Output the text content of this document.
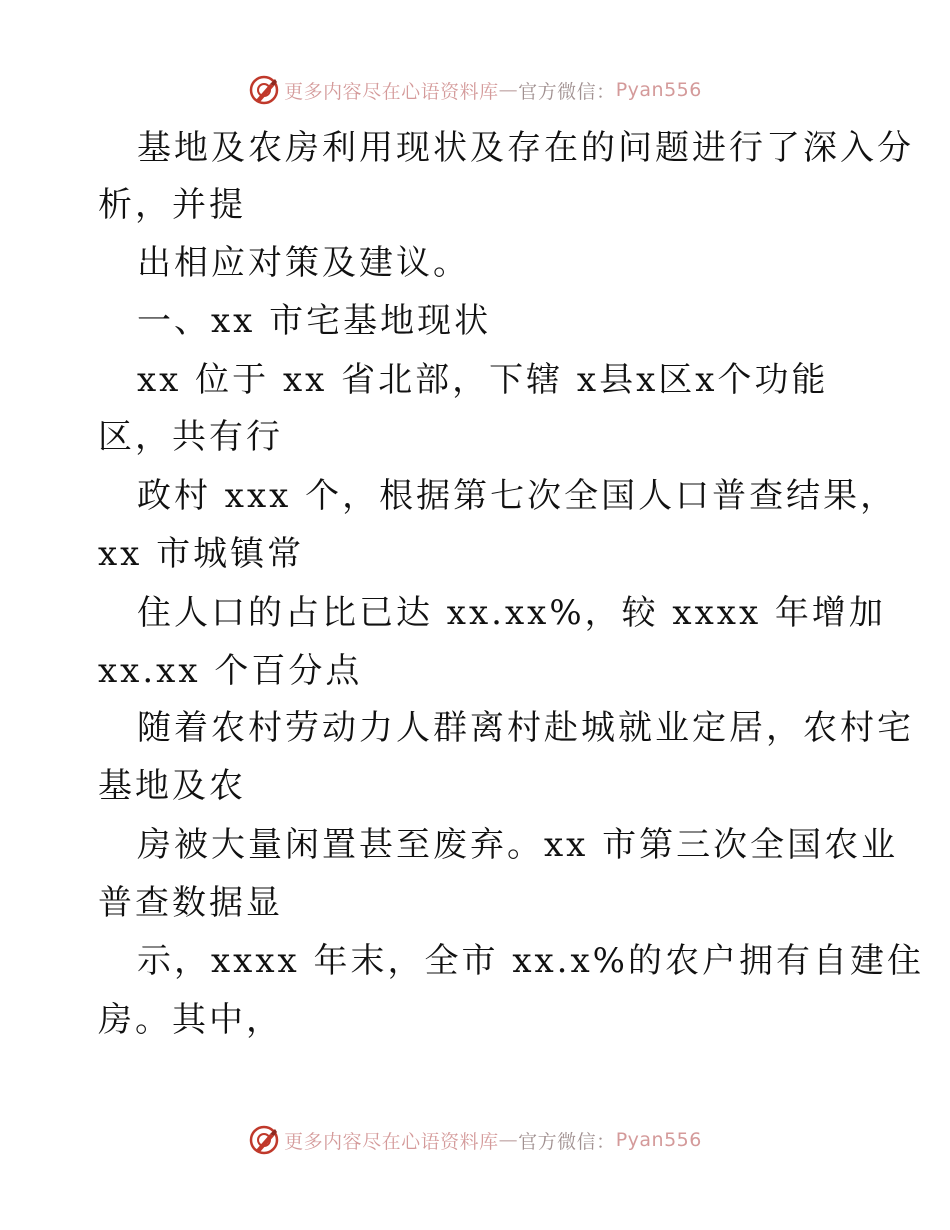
更多内容尽在心语资料库 — 官方微信： Pyan556
基地及农房利用现状及存在的问题进行了深入分
析，并提
出相应对策及建议。
一、xx 市宅基地现状
xx 位于 xx 省北部，下辖 x县x区x个功能
区，共有行
政村 xxx 个，根据第七次全国人口普查结果，
xx 市城镇常
住人口的占比已达 xx.xx%，较 xxxx 年增加
xx.xx 个百分点
随着农村劳动力人群离村赴城就业定居，农村宅
基地及农
房被大量闲置甚至废弃。xx 市第三次全国农业
普查数据显
示，xxxx 年末，全市 xx.x%的农户拥有自建住
房。其中，
更多内容尽在心语资料库 — 官方微信： Pyan556
